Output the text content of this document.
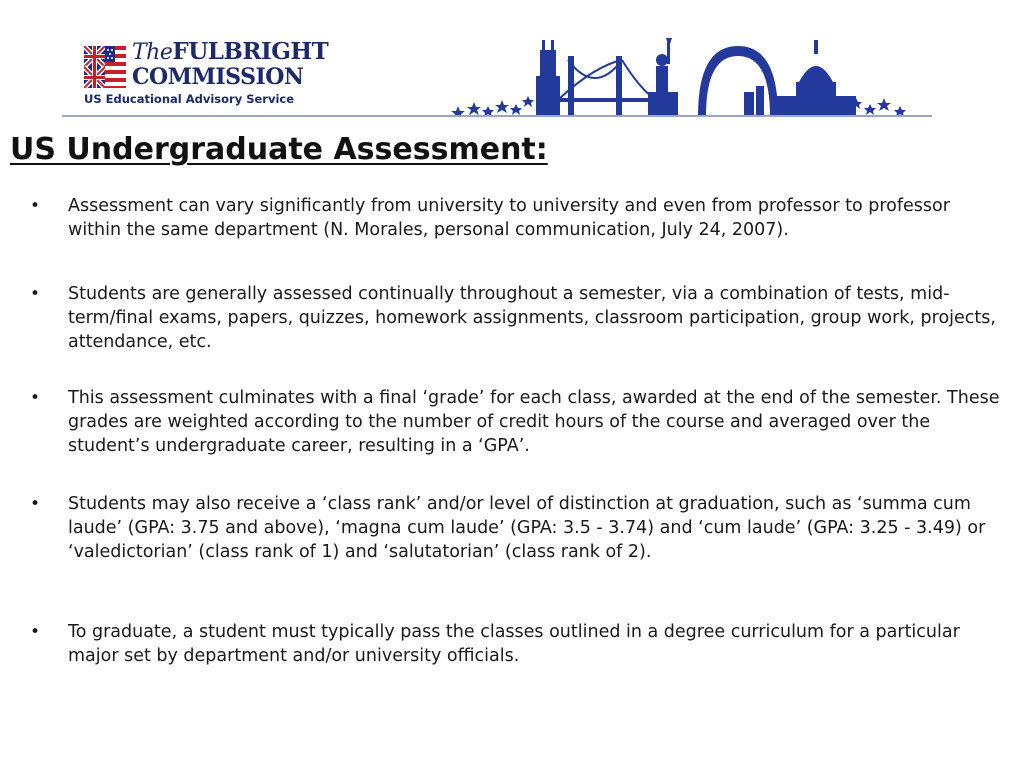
TheFULBRIGHT
COMMISSION
US Educational Advisory Service
US Undergraduate Assessment:
• Assessment can vary significantly from university to university and even from professor to professor within the same department (N. Morales, personal communication, July 24, 2007).
• Students are generally assessed continually throughout a semester, via a combination of tests, mid-term/final exams, papers, quizzes, homework assignments, classroom participation, group work, projects, attendance, etc.
• This assessment culminates with a final ‘grade’ for each class, awarded at the end of the semester. These grades are weighted according to the number of credit hours of the course and averaged over the student’s undergraduate career, resulting in a ‘GPA’.
• Students may also receive a ‘class rank’ and/or level of distinction at graduation, such as ‘summa cum laude’ (GPA: 3.75 and above), ‘magna cum laude’ (GPA: 3.5 - 3.74) and ‘cum laude’ (GPA: 3.25 - 3.49) or ‘valedictorian’ (class rank of 1) and ‘salutatorian’ (class rank of 2).
• To graduate, a student must typically pass the classes outlined in a degree curriculum for a particular major set by department and/or university officials.
